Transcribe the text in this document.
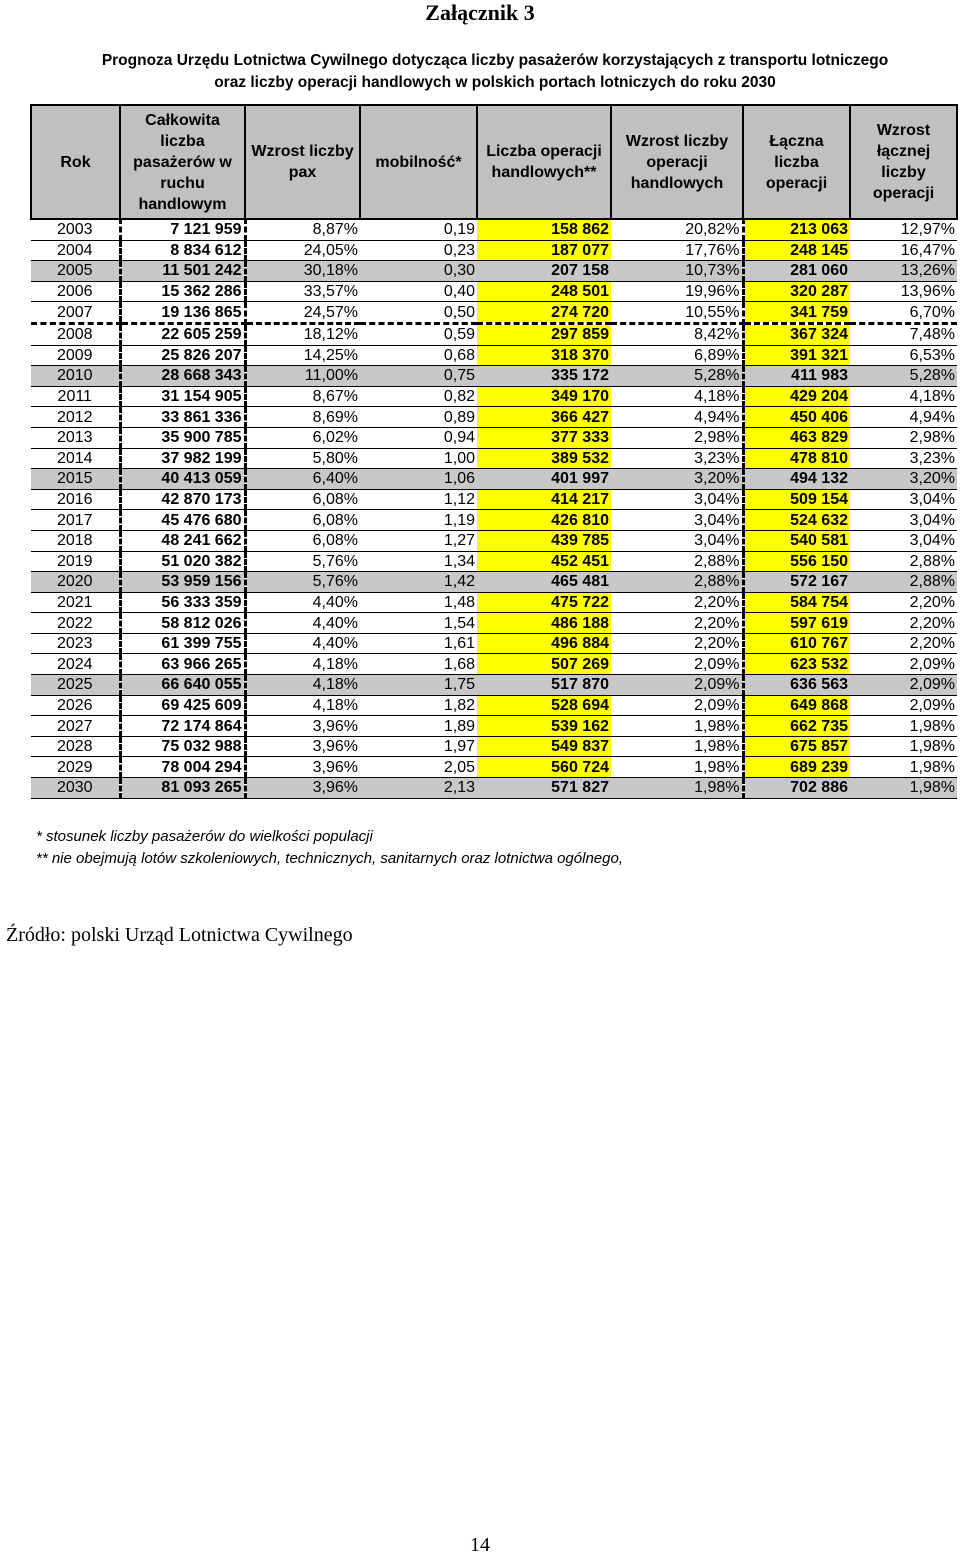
Załącznik 3
Prognoza Urzędu Lotnictwa Cywilnego dotycząca liczby pasażerów korzystających z transportu lotniczego
oraz liczby operacji handlowych w polskich portach lotniczych do roku 2030
Rok	Całkowita liczba pasażerów w ruchu handlowym	Wzrost liczby pax	mobilność*	Liczba operacji handlowych**	Wzrost liczby operacji handlowych	Łączna liczba operacji	Wzrost łącznej liczby operacji
2003	7 121 959	8,87%	0,19	158 862	20,82%	213 063	12,97%
2004	8 834 612	24,05%	0,23	187 077	17,76%	248 145	16,47%
2005	11 501 242	30,18%	0,30	207 158	10,73%	281 060	13,26%
2006	15 362 286	33,57%	0,40	248 501	19,96%	320 287	13,96%
2007	19 136 865	24,57%	0,50	274 720	10,55%	341 759	6,70%
2008	22 605 259	18,12%	0,59	297 859	8,42%	367 324	7,48%
2009	25 826 207	14,25%	0,68	318 370	6,89%	391 321	6,53%
2010	28 668 343	11,00%	0,75	335 172	5,28%	411 983	5,28%
2011	31 154 905	8,67%	0,82	349 170	4,18%	429 204	4,18%
2012	33 861 336	8,69%	0,89	366 427	4,94%	450 406	4,94%
2013	35 900 785	6,02%	0,94	377 333	2,98%	463 829	2,98%
2014	37 982 199	5,80%	1,00	389 532	3,23%	478 810	3,23%
2015	40 413 059	6,40%	1,06	401 997	3,20%	494 132	3,20%
2016	42 870 173	6,08%	1,12	414 217	3,04%	509 154	3,04%
2017	45 476 680	6,08%	1,19	426 810	3,04%	524 632	3,04%
2018	48 241 662	6,08%	1,27	439 785	3,04%	540 581	3,04%
2019	51 020 382	5,76%	1,34	452 451	2,88%	556 150	2,88%
2020	53 959 156	5,76%	1,42	465 481	2,88%	572 167	2,88%
2021	56 333 359	4,40%	1,48	475 722	2,20%	584 754	2,20%
2022	58 812 026	4,40%	1,54	486 188	2,20%	597 619	2,20%
2023	61 399 755	4,40%	1,61	496 884	2,20%	610 767	2,20%
2024	63 966 265	4,18%	1,68	507 269	2,09%	623 532	2,09%
2025	66 640 055	4,18%	1,75	517 870	2,09%	636 563	2,09%
2026	69 425 609	4,18%	1,82	528 694	2,09%	649 868	2,09%
2027	72 174 864	3,96%	1,89	539 162	1,98%	662 735	1,98%
2028	75 032 988	3,96%	1,97	549 837	1,98%	675 857	1,98%
2029	78 004 294	3,96%	2,05	560 724	1,98%	689 239	1,98%
2030	81 093 265	3,96%	2,13	571 827	1,98%	702 886	1,98%
* stosunek liczby pasażerów do wielkości populacji
** nie obejmują lotów szkoleniowych, technicznych, sanitarnych oraz lotnictwa ogólnego,
Źródło: polski Urząd Lotnictwa Cywilnego
14
